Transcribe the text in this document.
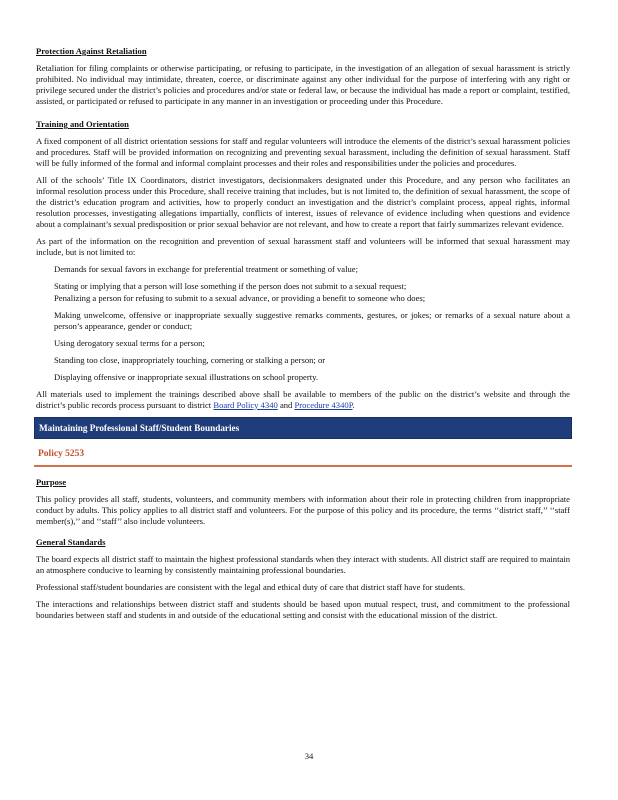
Protection Against Retaliation

Retaliation for filing complaints or otherwise participating, or refusing to participate, in the investigation of an allegation of sexual harassment is strictly prohibited. No individual may intimidate, threaten, coerce, or discriminate against any other individual for the purpose of interfering with any right or privilege secured under the district’s policies and procedures and/or state or federal law, or because the individual has made a report or complaint, testified, assisted, or participated or refused to participate in any manner in an investigation or proceeding under this Procedure.

Training and Orientation

A fixed component of all district orientation sessions for staff and regular volunteers will introduce the elements of the district’s sexual harassment policies and procedures. Staff will be provided information on recognizing and preventing sexual harassment, including the definition of sexual harassment. Staff will be fully informed of the formal and informal complaint processes and their roles and responsibilities under the policies and procedures.

All of the schools’ Title IX Coordinators, district investigators, decisionmakers designated under this Procedure, and any person who facilitates an informal resolution process under this Procedure, shall receive training that includes, but is not limited to, the definition of sexual harassment, the scope of the district’s education program and activities, how to properly conduct an investigation and the district’s complaint process, appeal rights, informal resolution processes, investigating allegations impartially, conflicts of interest, issues of relevance of evidence including when questions and evidence about a complainant’s sexual predisposition or prior sexual behavior are not relevant, and how to create a report that fairly summarizes relevant evidence.

As part of the information on the recognition and prevention of sexual harassment staff and volunteers will be informed that sexual harassment may include, but is not limited to:

Demands for sexual favors in exchange for preferential treatment or something of value;
Stating or implying that a person will lose something if the person does not submit to a sexual request;
Penalizing a person for refusing to submit to a sexual advance, or providing a benefit to someone who does;
Making unwelcome, offensive or inappropriate sexually suggestive remarks comments, gestures, or jokes; or remarks of a sexual nature about a person’s appearance, gender or conduct;
Using derogatory sexual terms for a person;
Standing too close, inappropriately touching, cornering or stalking a person; or
Displaying offensive or inappropriate sexual illustrations on school property.

All materials used to implement the trainings described above shall be available to members of the public on the district’s website and through the district’s public records process pursuant to district Board Policy 4340 and Procedure 4340P.

Maintaining Professional Staff/Student Boundaries
Policy 5253
Purpose

This policy provides all staff, students, volunteers, and community members with information about their role in protecting children from inappropriate conduct by adults. This policy applies to all district staff and volunteers. For the purpose of this policy and its procedure, the terms ‘‘district staff,’’ ‘‘staff member(s),’’ and ‘‘staff’’ also include volunteers.

General Standards

The board expects all district staff to maintain the highest professional standards when they interact with students. All district staff are required to maintain an atmosphere conducive to learning by consistently maintaining professional boundaries.

Professional staff/student boundaries are consistent with the legal and ethical duty of care that district staff have for students.

The interactions and relationships between district staff and students should be based upon mutual respect, trust, and commitment to the professional boundaries between staff and students in and outside of the educational setting and consist with the educational mission of the district.

34
